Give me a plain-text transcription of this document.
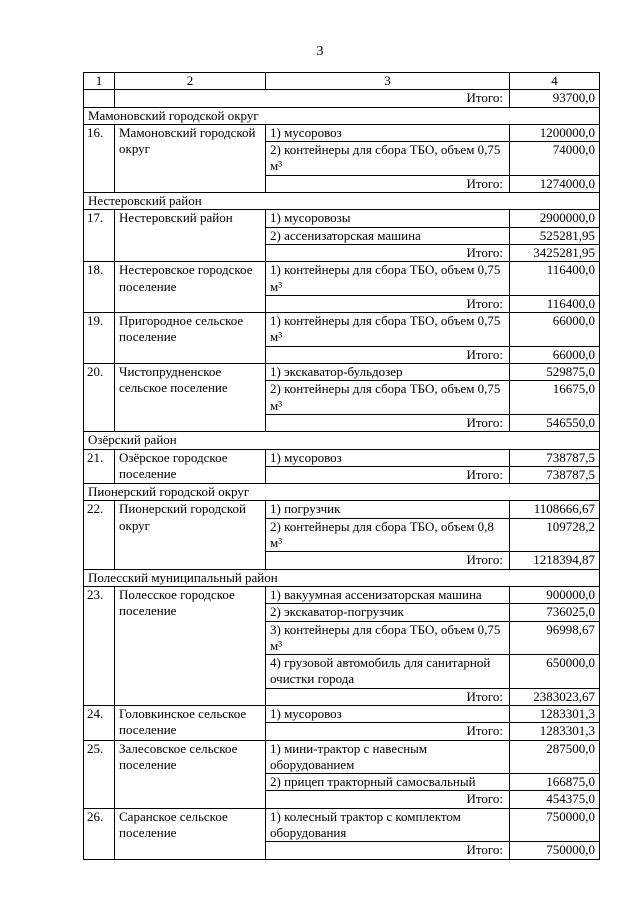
3
1	2	3	4
		Итого:	93700,0
Мамоновский городской округ			
16.	Мамоновский городской округ	1) мусоровоз	1200000,0
		2) контейнеры для сбора ТБО, объем 0,75 м³	74000,0
		Итого:	1274000,0
Нестеровский район			
17.	Нестеровский район	1) мусоровозы	2900000,0
		2) ассенизаторская машина	525281,95
		Итого:	3425281,95
18.	Нестеровское городское поселение	1) контейнеры для сбора ТБО, объем 0,75 м³	116400,0
		Итого:	116400,0
19.	Пригородное сельское поселение	1) контейнеры для сбора ТБО, объем 0,75 м³	66000,0
		Итого:	66000,0
20.	Чистопрудненское сельское поселение	1) экскаватор-бульдозер	529875,0
		2) контейнеры для сбора ТБО, объем 0,75 м³	16675,0
		Итого:	546550,0
Озёрский район			
21.	Озёрское городское поселение	1) мусоровоз	738787,5
		Итого:	738787,5
Пионерский городской округ			
22.	Пионерский городской округ	1) погрузчик	1108666,67
		2) контейнеры для сбора ТБО, объем 0,8 м³	109728,2
		Итого:	1218394,87
Полесский муниципальный район			
23.	Полесское городское поселение	1) вакуумная ассенизаторская машина	900000,0
		2) экскаватор-погрузчик	736025,0
		3) контейнеры для сбора ТБО, объем 0,75 м³	96998,67
		4) грузовой автомобиль для санитарной очистки города	650000,0
		Итого:	2383023,67
24.	Головкинское сельское поселение	1) мусоровоз	1283301,3
		Итого:	1283301,3
25.	Залесовское сельское поселение	1) мини-трактор с навесным оборудованием	287500,0
		2) прицеп тракторный самосвальный	166875,0
		Итого:	454375,0
26.	Саранское сельское поселение	1) колесный трактор с комплектом оборудования	750000,0
		Итого:	750000,0
